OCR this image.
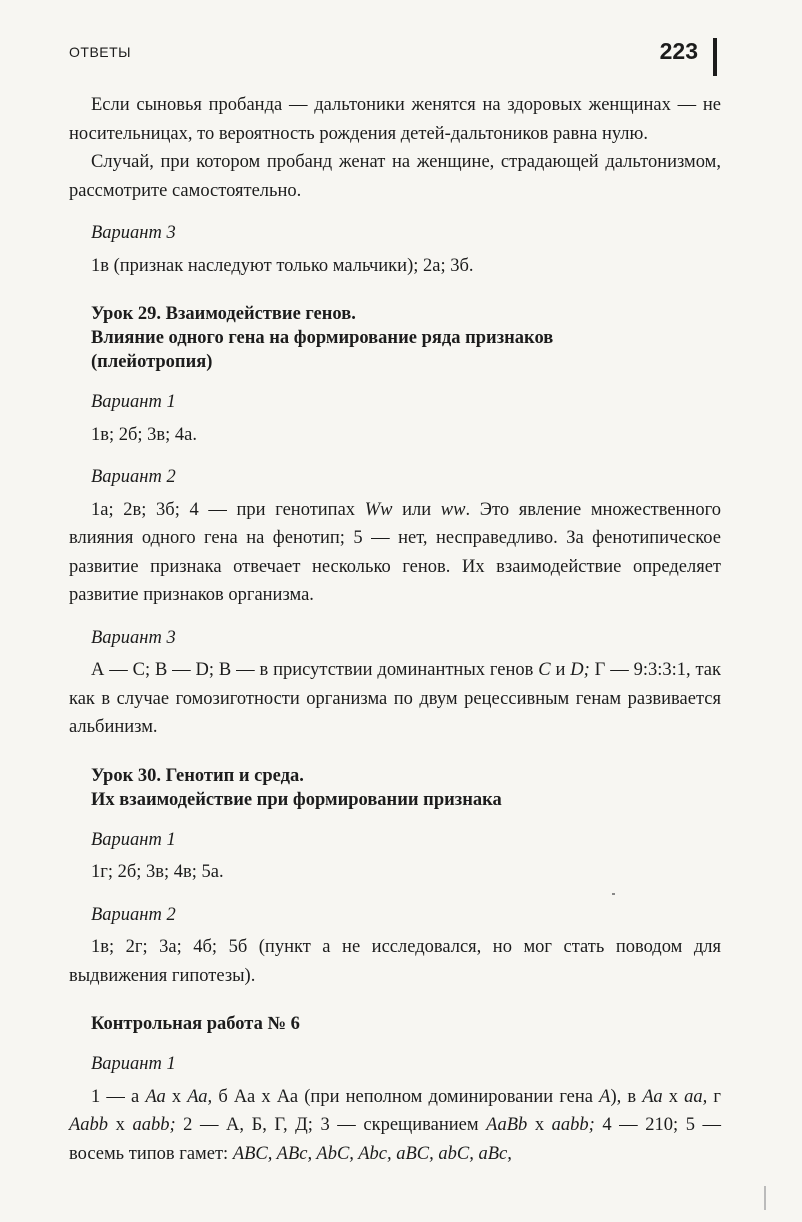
ОТВЕТЫ	223

Если сыновья пробанда — дальтоники женятся на здоровых женщинах — не носительницах, то вероятность рождения детей-дальтоников равна нулю.

Случай, при котором пробанд женат на женщине, страдающей дальтонизмом, рассмотрите самостоятельно.

Вариант 3

1в (признак наследуют только мальчики); 2а; 3б.

Урок 29. Взаимодействие генов.
Влияние одного гена на формирование ряда признаков
(плейотропия)
Вариант 1

1в; 2б; 3в; 4а.

Вариант 2

1а; 2в; 3б; 4 — при генотипах Ww или ww. Это явление множественного влияния одного гена на фенотип; 5 — нет, несправедливо. За фенотипическое развитие признака отвечает несколько генов. Их взаимодействие определяет развитие признаков организма.

Вариант 3

А — С; В — D; В — в присутствии доминантных генов C и D; Г — 9:3:3:1, так как в случае гомозиготности организма по двум рецессивным генам развивается альбинизм.

Урок 30. Генотип и среда.
Их взаимодействие при формировании признака
Вариант 1

1г; 2б; 3в; 4в; 5а.

Вариант 2

1в; 2г; 3а; 4б; 5б (пункт а не исследовался, но мог стать поводом для выдвижения гипотезы).

Контрольная работа № 6
Вариант 1

1 — а Аа х Аа, б Аа х Аа (при неполном доминировании гена А), в Аа х аа, г Aabb х aabb; 2 — А, Б, Г, Д; 3 — скрещиванием AaBb х aabb; 4 — 210; 5 — восемь типов гамет: ABC, ABc, AbC, Abc, aBC, abC, aBc,
